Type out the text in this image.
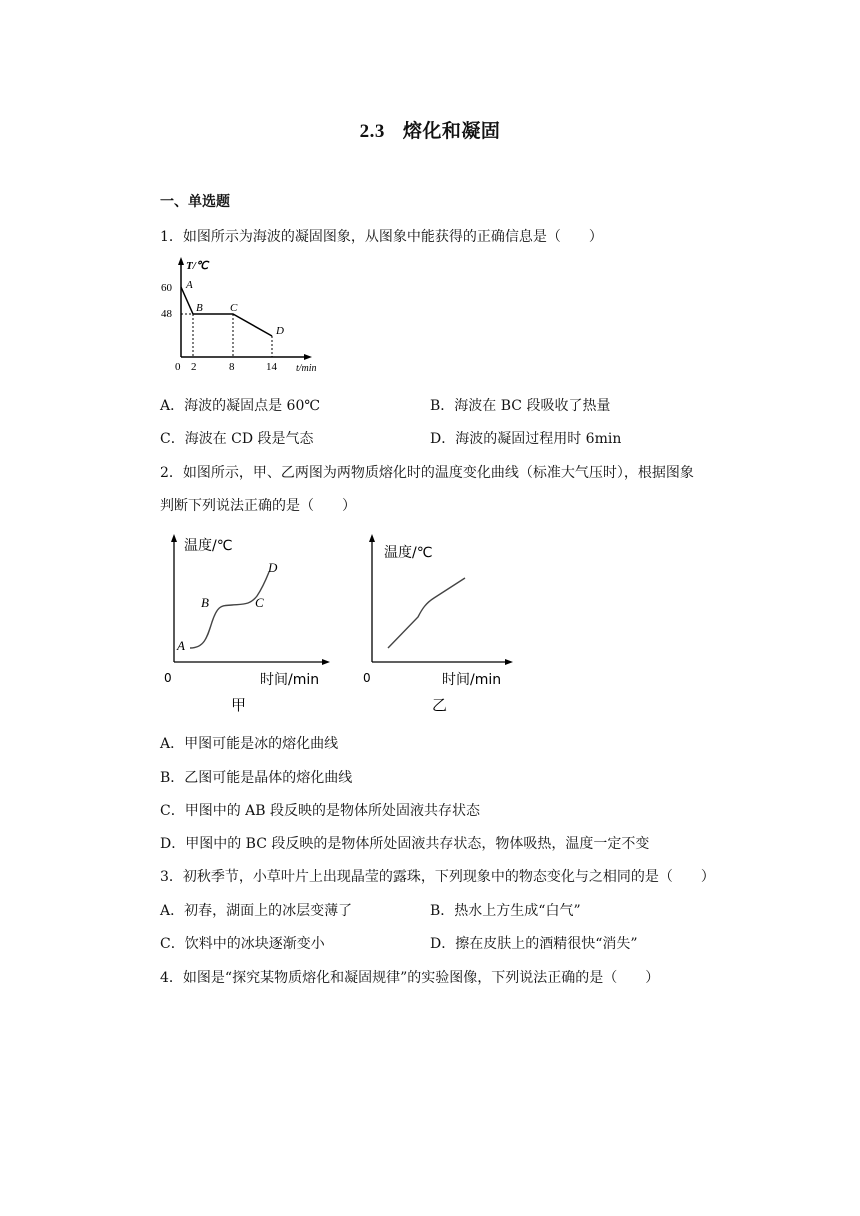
2.3 熔化和凝固
一、单选题
1．如图所示为海波的凝固图象，从图象中能获得的正确信息是（　　）
T/℃
t/min
0
60
48
2	8	14
A
B C
D
A．海波的凝固点是 60℃	B．海波在 BC 段吸收了热量
C．海波在 CD 段是气态	D．海波的凝固过程用时 6min
2．如图所示，甲、乙两图为两物质熔化时的温度变化曲线（标准大气压时），根据图象
判断下列说法正确的是（　　）
温度/℃
时间/min
0
A
B	C
D
甲
温度/℃
时间/min
0
乙
A．甲图可能是冰的熔化曲线
B．乙图可能是晶体的熔化曲线
C．甲图中的 AB 段反映的是物体所处固液共存状态
D．甲图中的 BC 段反映的是物体所处固液共存状态，物体吸热，温度一定不变
3．初秋季节，小草叶片上出现晶莹的露珠，下列现象中的物态变化与之相同的是（　　）
A．初春，湖面上的冰层变薄了	B．热水上方生成“白气”
C．饮料中的冰块逐渐变小	D．擦在皮肤上的酒精很快“消失”
4．如图是“探究某物质熔化和凝固规律”的实验图像，下列说法正确的是（　　）
